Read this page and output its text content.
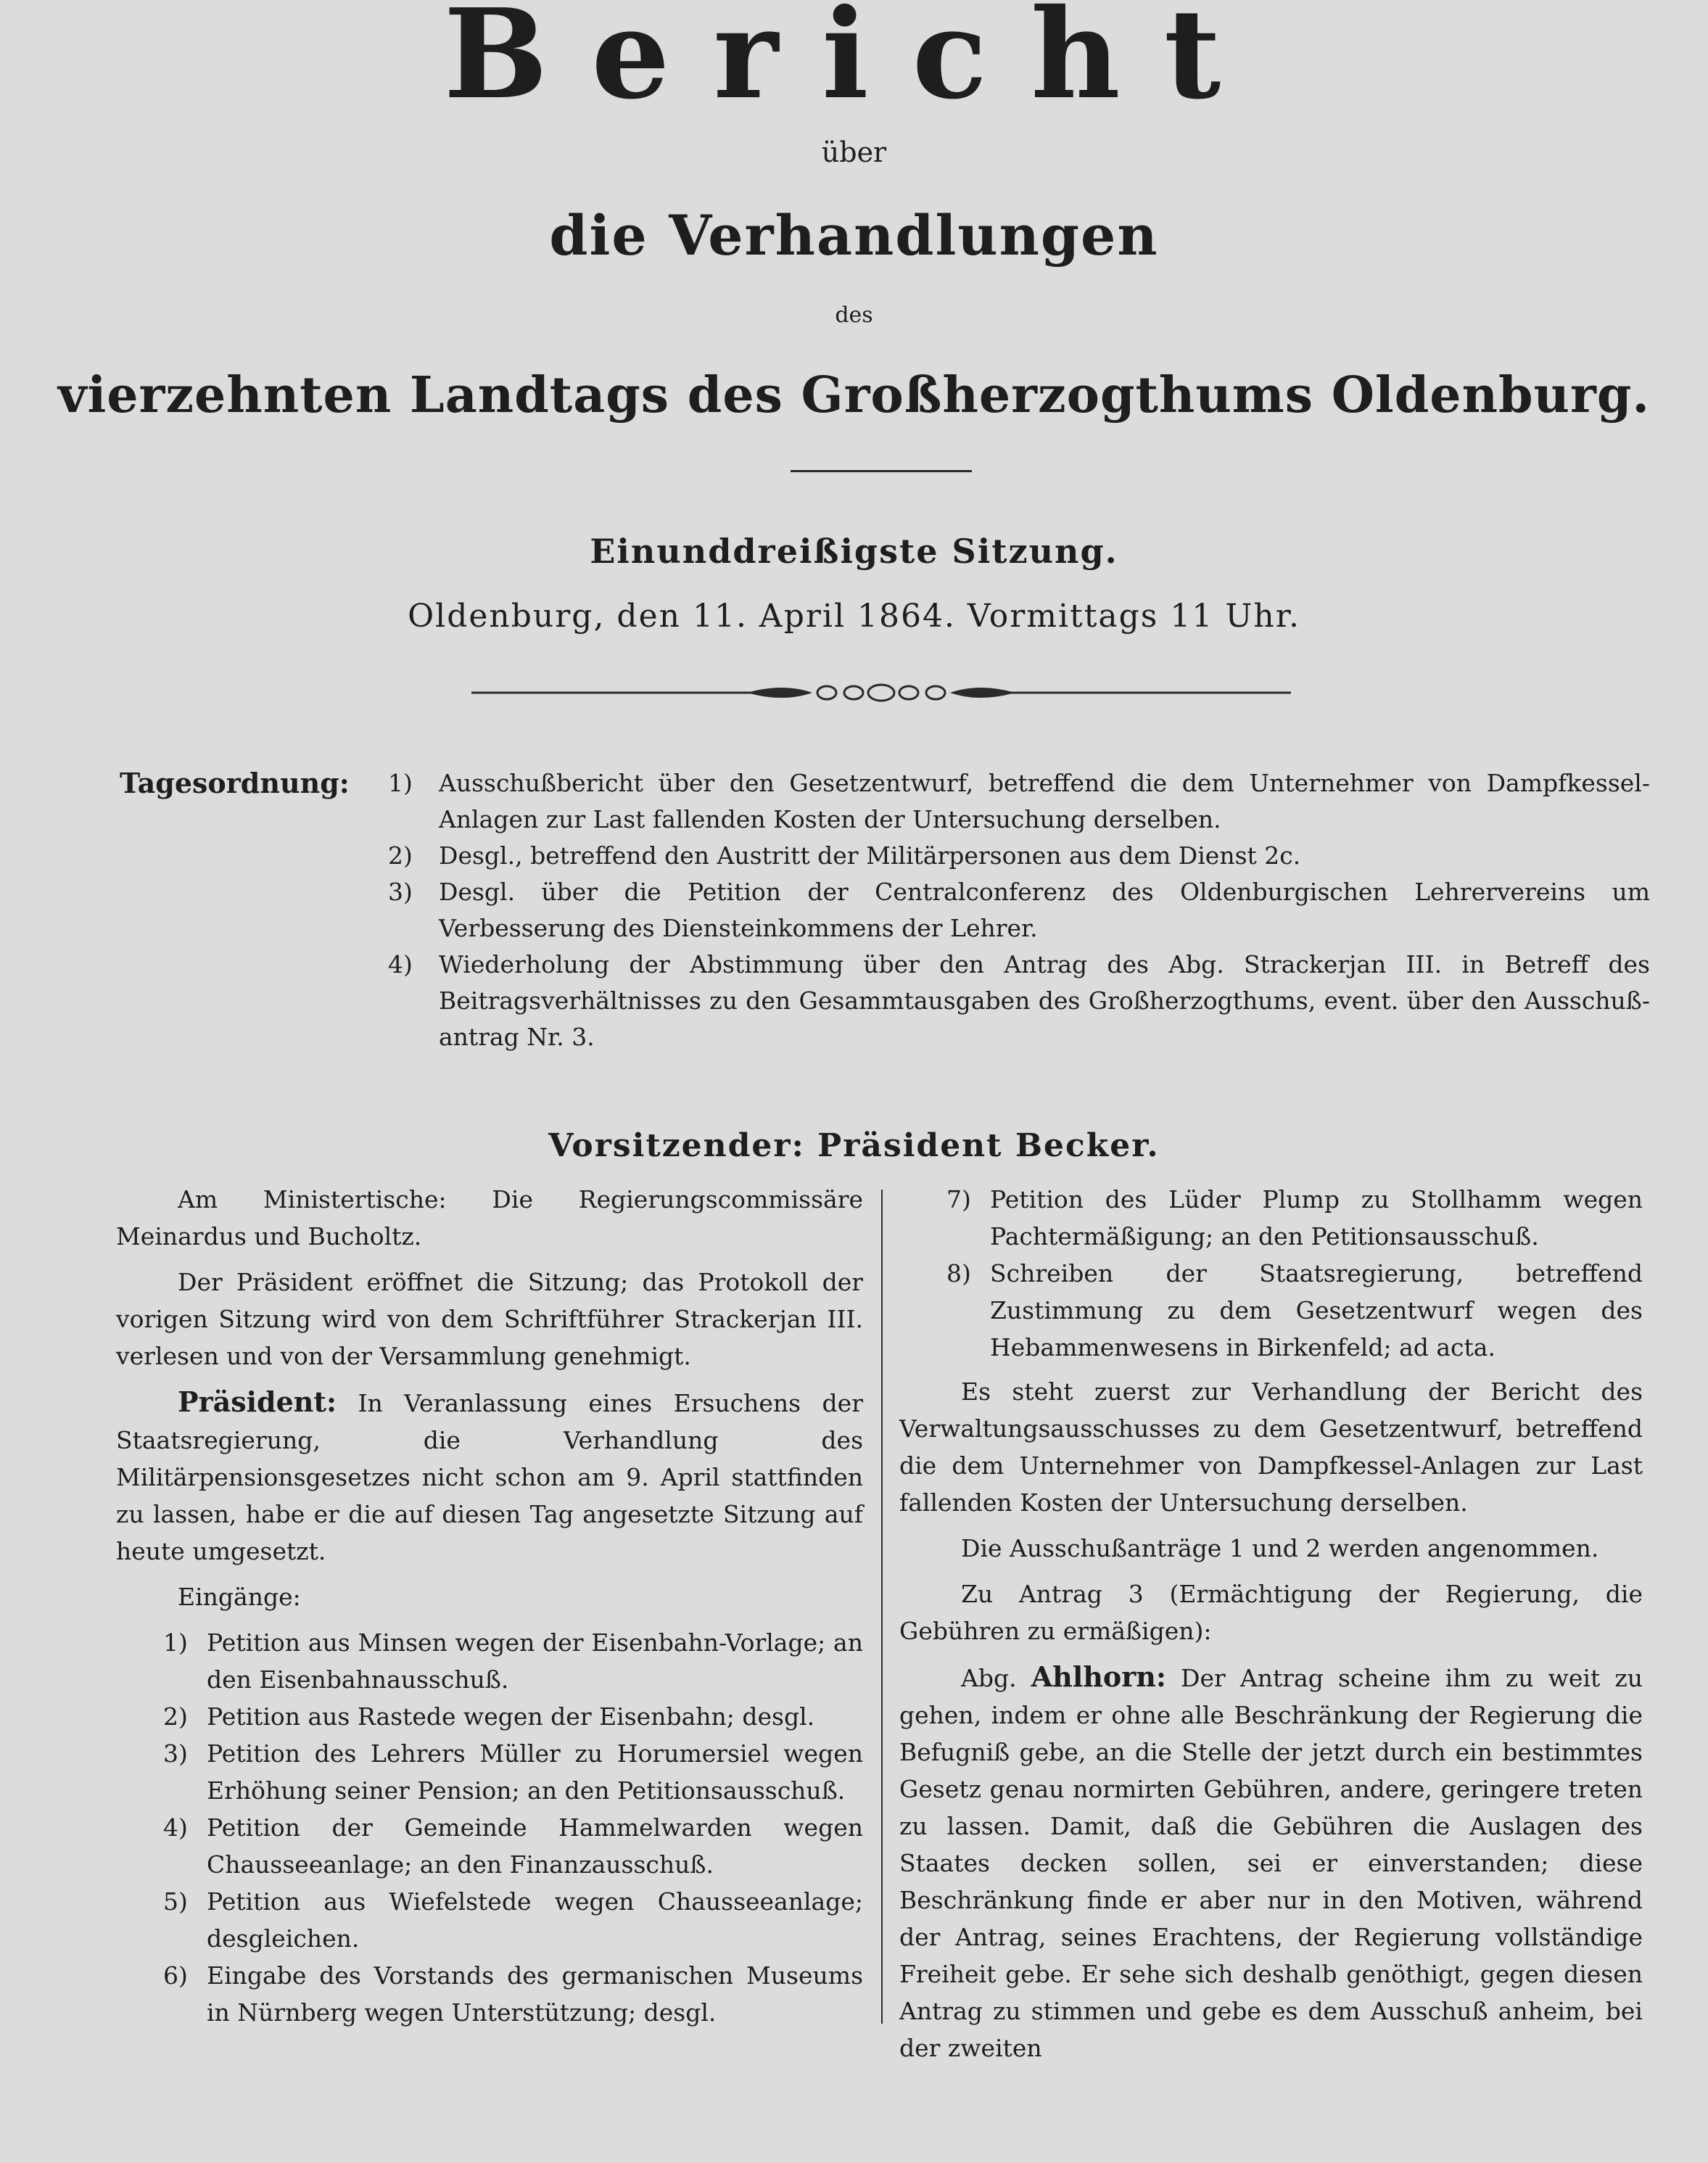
Bericht
über
die Verhandlungen
des
vierzehnten Landtags des Großherzogthums Oldenburg.
Einunddreißigste Sitzung.
Oldenburg, den 11. April 1864. Vormittags 11 Uhr.
Tagesordnung: 1) Ausschußbericht über den Gesetzentwurf, betreffend die dem Unternehmer von Dampfkessel-Anlagen zur Last fallenden Kosten der Untersuchung derselben.
2) Desgl., betreffend den Austritt der Militärpersonen aus dem Dienst 2c.
3) Desgl. über die Petition der Centralconferenz des Oldenburgischen Lehrervereins um Verbesserung des Diensteinkommens der Lehrer.
4) Wiederholung der Abstimmung über den Antrag des Abg. Strackerjan III. in Betreff des Beitragsverhältnisses zu den Gesammtausgaben des Großherzogthums, event. über den Ausschuß-antrag Nr. 3.
Vorsitzender: Präsident Becker.

Am Ministertische: Die Regierungscommissäre Meinardus und Bucholtz.

Der Präsident eröffnet die Sitzung; das Protokoll der vorigen Sitzung wird von dem Schriftführer Strackerjan III. verlesen und von der Versammlung genehmigt.

Präsident: In Veranlassung eines Ersuchens der Staatsregierung, die Verhandlung des Militärpensionsgesetzes nicht schon am 9. April stattfinden zu lassen, habe er die auf diesen Tag angesetzte Sitzung auf heute umgesetzt.

Eingänge:

1) Petition aus Minsen wegen der Eisenbahn-Vorlage; an den Eisenbahnausschuß.
2) Petition aus Rastede wegen der Eisenbahn; desgl.
3) Petition des Lehrers Müller zu Horumersiel wegen Erhöhung seiner Pension; an den Petitionsausschuß.
4) Petition der Gemeinde Hammelwarden wegen Chausseeanlage; an den Finanzausschuß.
5) Petition aus Wiefelstede wegen Chausseeanlage; desgleichen.
6) Eingabe des Vorstands des germanischen Museums in Nürnberg wegen Unterstützung; desgl.
7) Petition des Lüder Plump zu Stollhamm wegen Pachtermäßigung; an den Petitionsausschuß.
8) Schreiben der Staatsregierung, betreffend Zustimmung zu dem Gesetzentwurf wegen des Hebammenwesens in Birkenfeld; ad acta.

Es steht zuerst zur Verhandlung der Bericht des Verwaltungsausschusses zu dem Gesetzentwurf, betreffend die dem Unternehmer von Dampfkessel-Anlagen zur Last fallenden Kosten der Untersuchung derselben.

Die Ausschußanträge 1 und 2 werden angenommen.

Zu Antrag 3 (Ermächtigung der Regierung, die Gebühren zu ermäßigen):

Abg. Ahlhorn: Der Antrag scheine ihm zu weit zu gehen, indem er ohne alle Beschränkung der Regierung die Befugniß gebe, an die Stelle der jetzt durch ein bestimmtes Gesetz genau normirten Gebühren, andere, geringere treten zu lassen. Damit, daß die Gebühren die Auslagen des Staates decken sollen, sei er einverstanden; diese Beschränkung finde er aber nur in den Motiven, während der Antrag, seines Erachtens, der Regierung vollständige Freiheit gebe. Er sehe sich deshalb genöthigt, gegen diesen Antrag zu stimmen und gebe es dem Ausschuß anheim, bei der zweiten
